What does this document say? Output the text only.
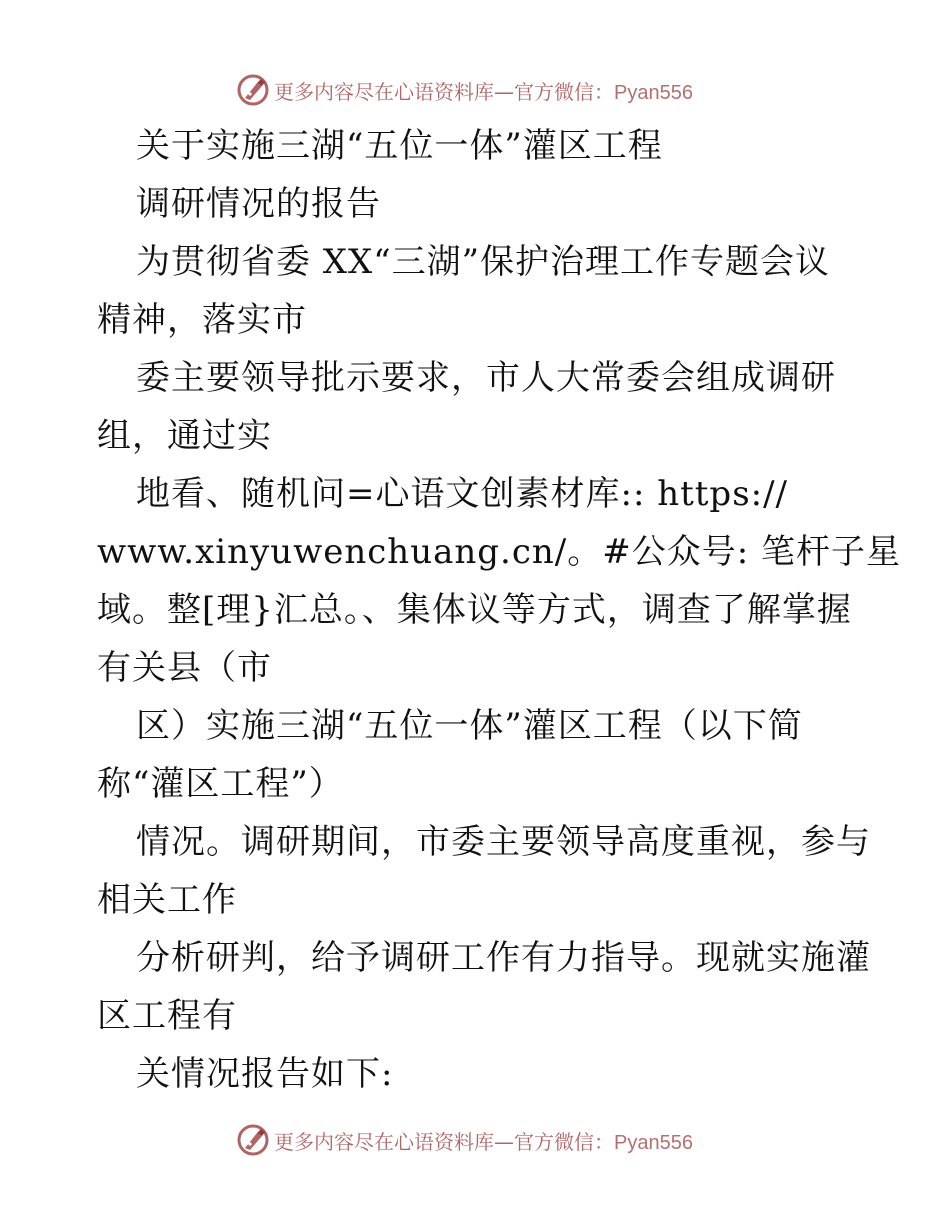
更多内容尽在心语资料库—官方微信：Pyan556
关于实施三湖“五位一体”灌区工程
调研情况的报告
为贯彻省委 XX“三湖”保护治理工作专题会议
精神，落实市
委主要领导批示要求，市人大常委会组成调研
组，通过实
地看、随机问=心语文创素材库:: https://
www.xinyuwenchuang.cn/。#公众号: 笔杆子星
域。整[理}汇总。、集体议等方式，调查了解掌握
有关县（市
区）实施三湖“五位一体”灌区工程（以下简
称“灌区工程”）
情况。调研期间，市委主要领导高度重视，参与
相关工作
分析研判，给予调研工作有力指导。现就实施灌
区工程有
关情况报告如下:
更多内容尽在心语资料库—官方微信：Pyan556
